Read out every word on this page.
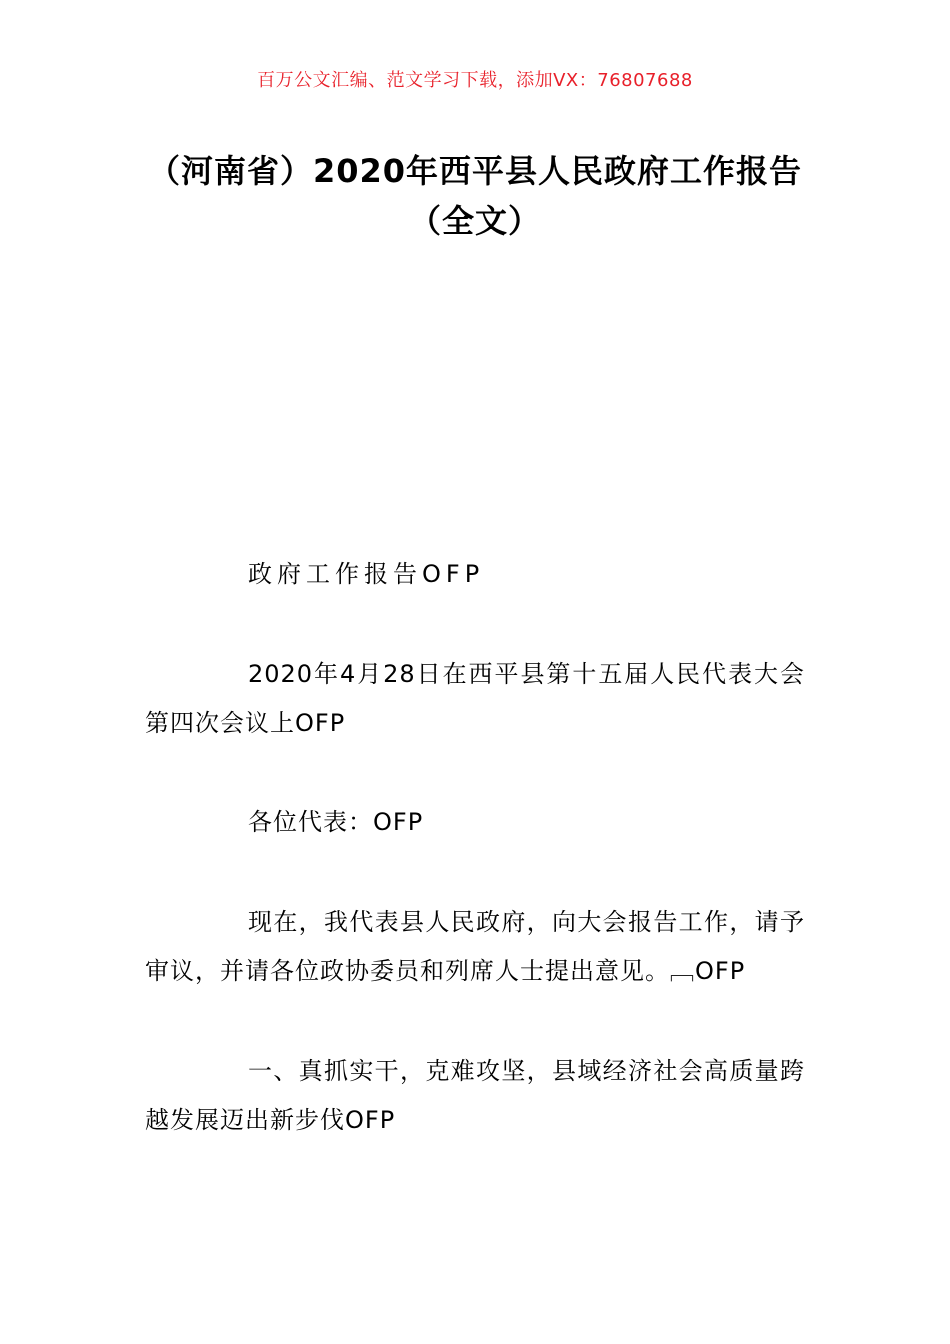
百万公文汇编、范文学习下载，添加VX：76807688
（河南省）2020年西平县人民政府工作报告（全文）

政府工作报告OFP

2020年4月28日在西平县第十五届人民代表大会第四次会议上OFP

各位代表：OFP

现在，我代表县人民政府，向大会报告工作，请予审议，并请各位政协委员和列席人士提出意见。﹇OFP

一、真抓实干，克难攻坚，县域经济社会高质量跨越发展迈出新步伐OFP
